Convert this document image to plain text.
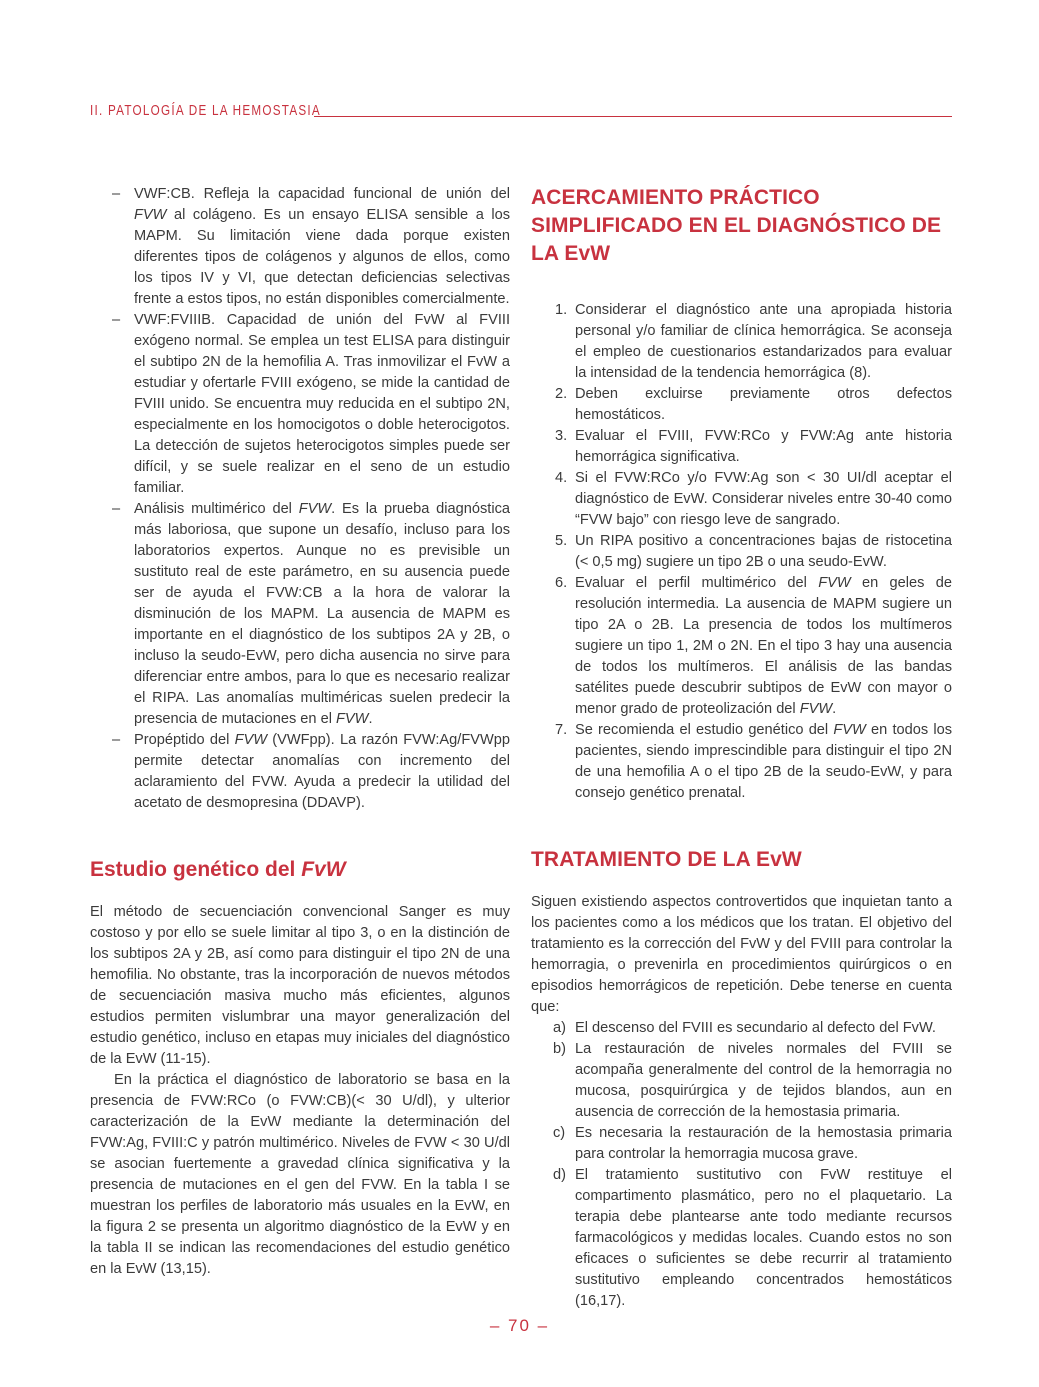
II. PATOLOGÍA DE LA HEMOSTASIA
– VWF:CB. Refleja la capacidad funcional de unión del FVW al colágeno. Es un ensayo ELISA sensible a los MAPM. Su limitación viene dada porque existen diferentes tipos de colágenos y algunos de ellos, como los tipos IV y VI, que detectan deficiencias selectivas frente a estos tipos, no están disponibles comercialmente.
– VWF:FVIIIB. Capacidad de unión del FvW al FVIII exógeno normal. Se emplea un test ELISA para distinguir el subtipo 2N de la hemofilia A. Tras inmovilizar el FvW a estudiar y ofertarle FVIII exógeno, se mide la cantidad de FVIII unido. Se encuentra muy reducida en el subtipo 2N, especialmente en los homocigotos o doble heterocigotos. La detección de sujetos heterocigotos simples puede ser difícil, y se suele realizar en el seno de un estudio familiar.
– Análisis multimérico del FVW. Es la prueba diagnóstica más laboriosa, que supone un desafío, incluso para los laboratorios expertos. Aunque no es previsible un sustituto real de este parámetro, en su ausencia puede ser de ayuda el FVW:CB a la hora de valorar la disminución de los MAPM. La ausencia de MAPM es importante en el diagnóstico de los subtipos 2A y 2B, o incluso la seudo-EvW, pero dicha ausencia no sirve para diferenciar entre ambos, para lo que es necesario realizar el RIPA. Las anomalías multiméricas suelen predecir la presencia de mutaciones en el FVW.
– Propéptido del FVW (VWFpp). La razón FVW:Ag/FVWpp permite detectar anomalías con incremento del aclaramiento del FVW. Ayuda a predecir la utilidad del acetato de desmopresina (DDAVP).
Estudio genético del FvW

El método de secuenciación convencional Sanger es muy costoso y por ello se suele limitar al tipo 3, o en la distinción de los subtipos 2A y 2B, así como para distinguir el tipo 2N de una hemofilia. No obstante, tras la incorporación de nuevos métodos de secuenciación masiva mucho más eficientes, algunos estudios permiten vislumbrar una mayor generalización del estudio genético, incluso en etapas muy iniciales del diagnóstico de la EvW (11-15).

En la práctica el diagnóstico de laboratorio se basa en la presencia de FVW:RCo (o FVW:CB)(< 30 U/dl), y ulterior caracterización de la EvW mediante la determinación del FVW:Ag, FVIII:C y patrón multimérico. Niveles de FVW < 30 U/dl se asocian fuertemente a gravedad clínica significativa y la presencia de mutaciones en el gen del FVW. En la tabla I se muestran los perfiles de laboratorio más usuales en la EvW, en la figura 2 se presenta un algoritmo diagnóstico de la EvW y en la tabla II se indican las recomendaciones del estudio genético en la EvW (13,15).

ACERCAMIENTO PRÁCTICO SIMPLIFICADO EN EL DIAGNÓSTICO DE LA EvW
1. Considerar el diagnóstico ante una apropiada historia personal y/o familiar de clínica hemorrágica. Se aconseja el empleo de cuestionarios estandarizados para evaluar la intensidad de la tendencia hemorrágica (8).
2. Deben excluirse previamente otros defectos hemostáticos.
3. Evaluar el FVIII, FVW:RCo y FVW:Ag ante historia hemorrágica significativa.
4. Si el FVW:RCo y/o FVW:Ag son < 30 UI/dl aceptar el diagnóstico de EvW. Considerar niveles entre 30-40 como “FVW bajo” con riesgo leve de sangrado.
5. Un RIPA positivo a concentraciones bajas de ristocetina (< 0,5 mg) sugiere un tipo 2B o una seudo-EvW.
6. Evaluar el perfil multimérico del FVW en geles de resolución intermedia. La ausencia de MAPM sugiere un tipo 2A o 2B. La presencia de todos los multímeros sugiere un tipo 1, 2M o 2N. En el tipo 3 hay una ausencia de todos los multímeros. El análisis de las bandas satélites puede descubrir subtipos de EvW con mayor o menor grado de proteolización del FVW.
7. Se recomienda el estudio genético del FVW en todos los pacientes, siendo imprescindible para distinguir el tipo 2N de una hemofilia A o el tipo 2B de la seudo-EvW, y para consejo genético prenatal.
TRATAMIENTO DE LA EvW

Siguen existiendo aspectos controvertidos que inquietan tanto a los pacientes como a los médicos que los tratan. El objetivo del tratamiento es la corrección del FvW y del FVIII para controlar la hemorragia, o prevenirla en procedimientos quirúrgicos o en episodios hemorrágicos de repetición. Debe tenerse en cuenta que:

a) El descenso del FVIII es secundario al defecto del FvW.
b) La restauración de niveles normales del FVIII se acompaña generalmente del control de la hemorragia no mucosa, posquirúrgica y de tejidos blandos, aun en ausencia de corrección de la hemostasia primaria.
c) Es necesaria la restauración de la hemostasia primaria para controlar la hemorragia mucosa grave.
d) El tratamiento sustitutivo con FvW restituye el compartimento plasmático, pero no el plaquetario. La terapia debe plantearse ante todo mediante recursos farmacológicos y medidas locales. Cuando estos no son eficaces o suficientes se debe recurrir al tratamiento sustitutivo empleando concentrados hemostáticos (16,17).
– 70 –
